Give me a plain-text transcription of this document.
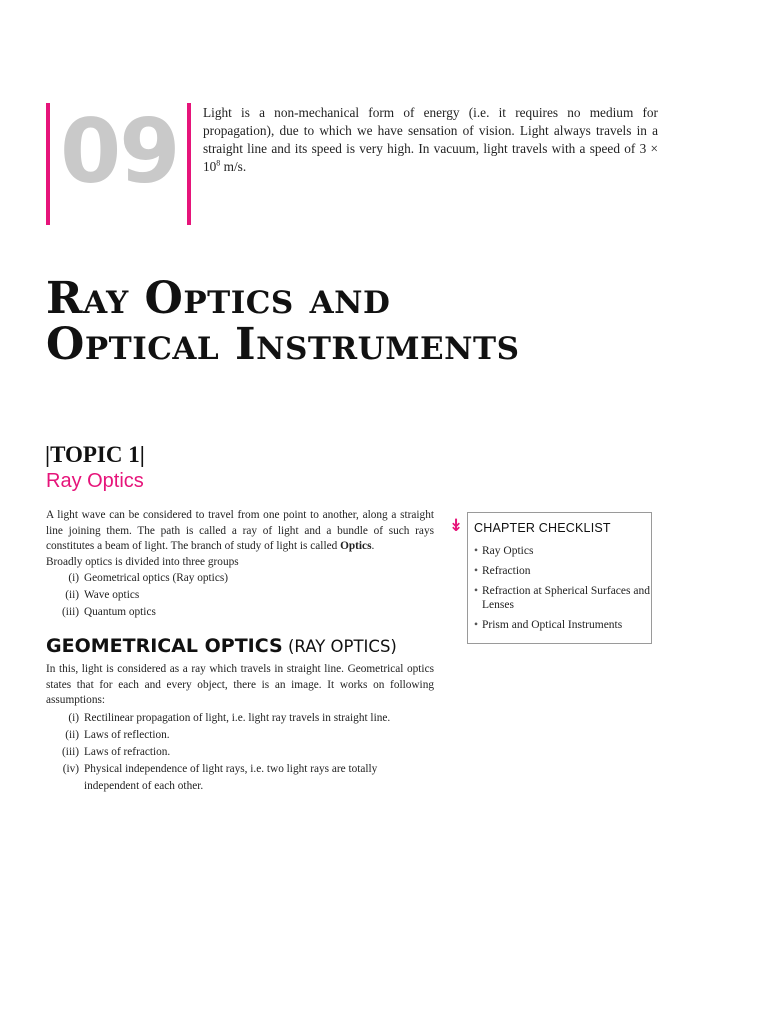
09 Light is a non-mechanical form of energy (i.e. it requires no medium for propagation), due to which we have sensation of vision. Light always travels in a straight line and its speed is very high. In vacuum, light travels with a speed of $3 \times 10^8$ m/s.

Ray Optics and
Optical Instruments
|TOPIC 1|
Ray Optics

A light wave can be considered to travel from one point to another, along a straight line joining them. The path is called a ray of light and a bundle of such rays constitutes a beam of light. The branch of study of light is called Optics.

Broadly optics is divided into three groups

(i) Geometrical optics (Ray optics)
(ii) Wave optics
(iii) Quantum optics
GEOMETRICAL OPTICS (RAY OPTICS)

In this, light is considered as a ray which travels in straight line. Geometrical optics states that for each and every object, there is an image. It works on following assumptions:

(i) Rectilinear propagation of light, i.e. light ray travels in straight line.
(ii) Laws of reflection.
(iii) Laws of refraction.
(iv) Physical independence of light rays, i.e. two light rays are totally independent of each other.
↡ CHAPTER CHECKLIST
• Ray Optics
• Refraction
• Refraction at Spherical Surfaces and Lenses
• Prism and Optical Instruments
